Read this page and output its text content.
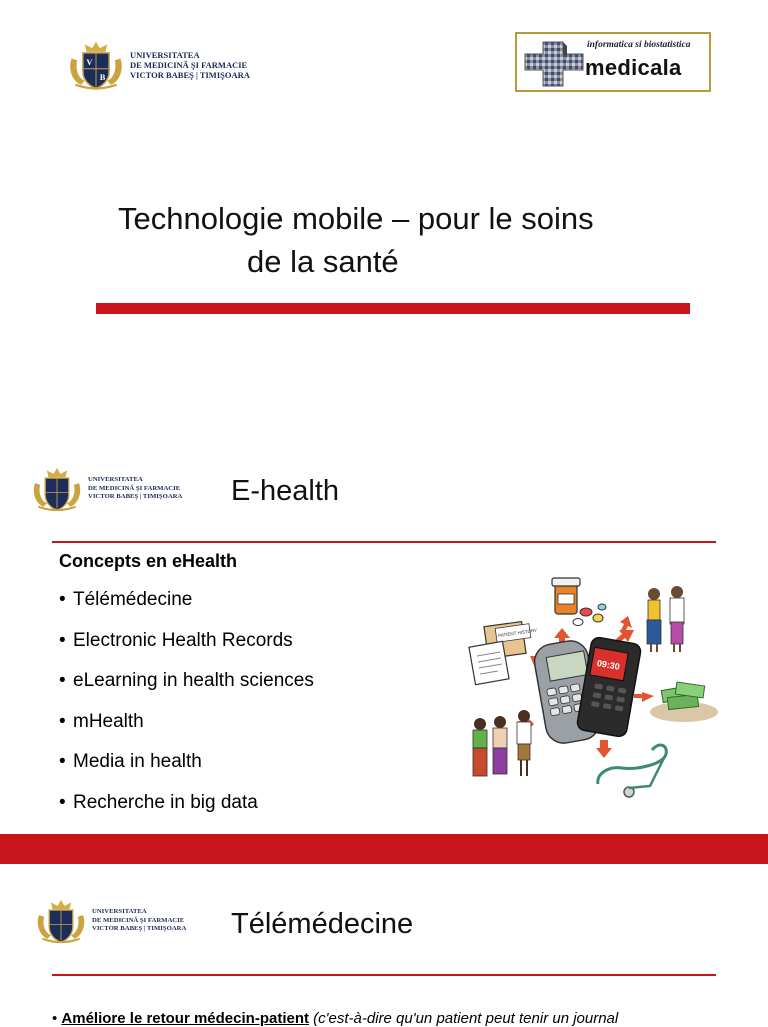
V
B
UNIVERSITATEA
DE MEDICINĂ ŞI FARMACIE
VICTOR BABEŞ | TIMIŞOARA
informatica si biostatistica
medicala
Technologie mobile – pour le soins
de la santé
UNIVERSITATEA
DE MEDICINĂ ŞI FARMACIE
VICTOR BABEŞ | TIMIŞOARA E-health
Concepts en eHealth
• Télémédecine
• Electronic Health Records
• eLearning in health sciences
• mHealth
• Media in health
• Recherche in big data
PATIENT HISTORY
09:30
UNIVERSITATEA
DE MEDICINĂ ŞI FARMACIE
VICTOR BABEŞ | TIMIŞOARA Télémédecine
• Améliore le retour médecin-patient (c'est-à-dire qu'un patient peut tenir un journal
